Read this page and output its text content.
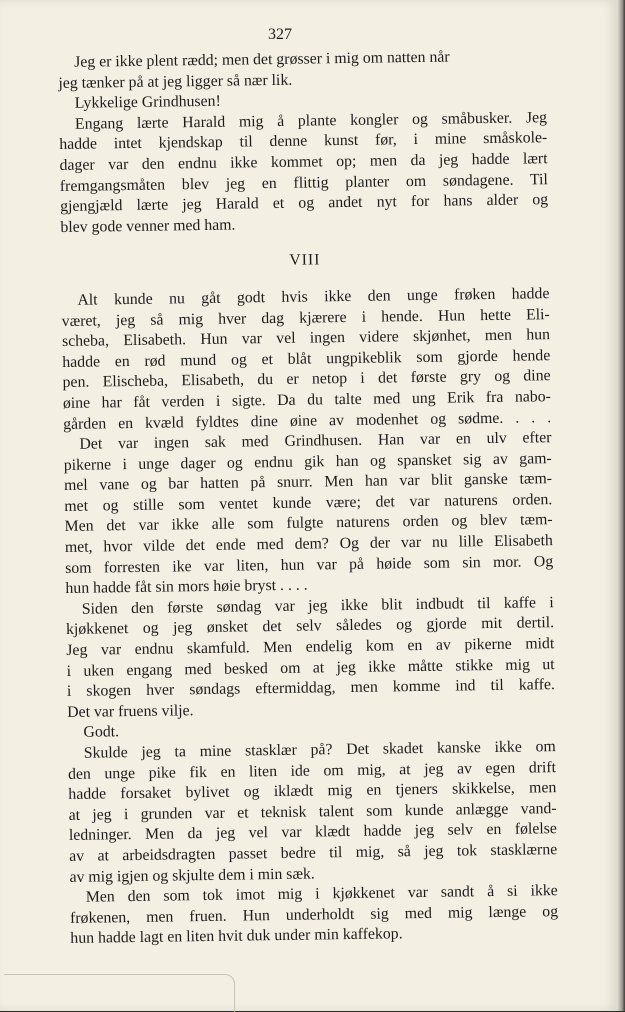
327
Jeg er ikke plent rædd; men det grøsser i mig om natten når
jeg tænker på at jeg ligger så nær lik.
Lykkelige Grindhusen!
Engang lærte Harald mig å plante kongler og småbusker. Jeg
hadde intet kjendskap til denne kunst før, i mine småskole-
dager var den endnu ikke kommet op; men da jeg hadde lært
fremgangsmåten blev jeg en flittig planter om søndagene. Til
gjengjæld lærte jeg Harald et og andet nyt for hans alder og
blev gode venner med ham.
VIII
Alt kunde nu gåt godt hvis ikke den unge frøken hadde
været, jeg så mig hver dag kjærere i hende. Hun hette Eli-
scheba, Elisabeth. Hun var vel ingen videre skjønhet, men hun
hadde en rød mund og et blåt ungpikeblik som gjorde hende
pen. Elischeba, Elisabeth, du er netop i det første gry og dine
øine har fåt verden i sigte. Da du talte med ung Erik fra nabo-
gården en kvæld fyldtes dine øine av modenhet og sødme. . . .
Det var ingen sak med Grindhusen. Han var en ulv efter
pikerne i unge dager og endnu gik han og spansket sig av gam-
mel vane og bar hatten på snurr. Men han var blit ganske tæm-
met og stille som ventet kunde være; det var naturens orden.
Men det var ikke alle som fulgte naturens orden og blev tæm-
met, hvor vilde det ende med dem? Og der var nu lille Elisabeth
som forresten ike var liten, hun var på høide som sin mor. Og
hun hadde fåt sin mors høie bryst . . . .
Siden den første søndag var jeg ikke blit indbudt til kaffe i
kjøkkenet og jeg ønsket det selv således og gjorde mit dertil.
Jeg var endnu skamfuld. Men endelig kom en av pikerne midt
i uken engang med besked om at jeg ikke måtte stikke mig ut
i skogen hver søndags eftermiddag, men komme ind til kaffe.
Det var fruens vilje.
Godt.
Skulde jeg ta mine stasklær på? Det skadet kanske ikke om
den unge pike fik en liten ide om mig, at jeg av egen drift
hadde forsaket bylivet og iklædt mig en tjeners skikkelse, men
at jeg i grunden var et teknisk talent som kunde anlægge vand-
ledninger. Men da jeg vel var klædt hadde jeg selv en følelse
av at arbeidsdragten passet bedre til mig, så jeg tok stasklærne
av mig igjen og skjulte dem i min sæk.
Men den som tok imot mig i kjøkkenet var sandt å si ikke
frøkenen, men fruen. Hun underholdt sig med mig længe og
hun hadde lagt en liten hvit duk under min kaffekop.
